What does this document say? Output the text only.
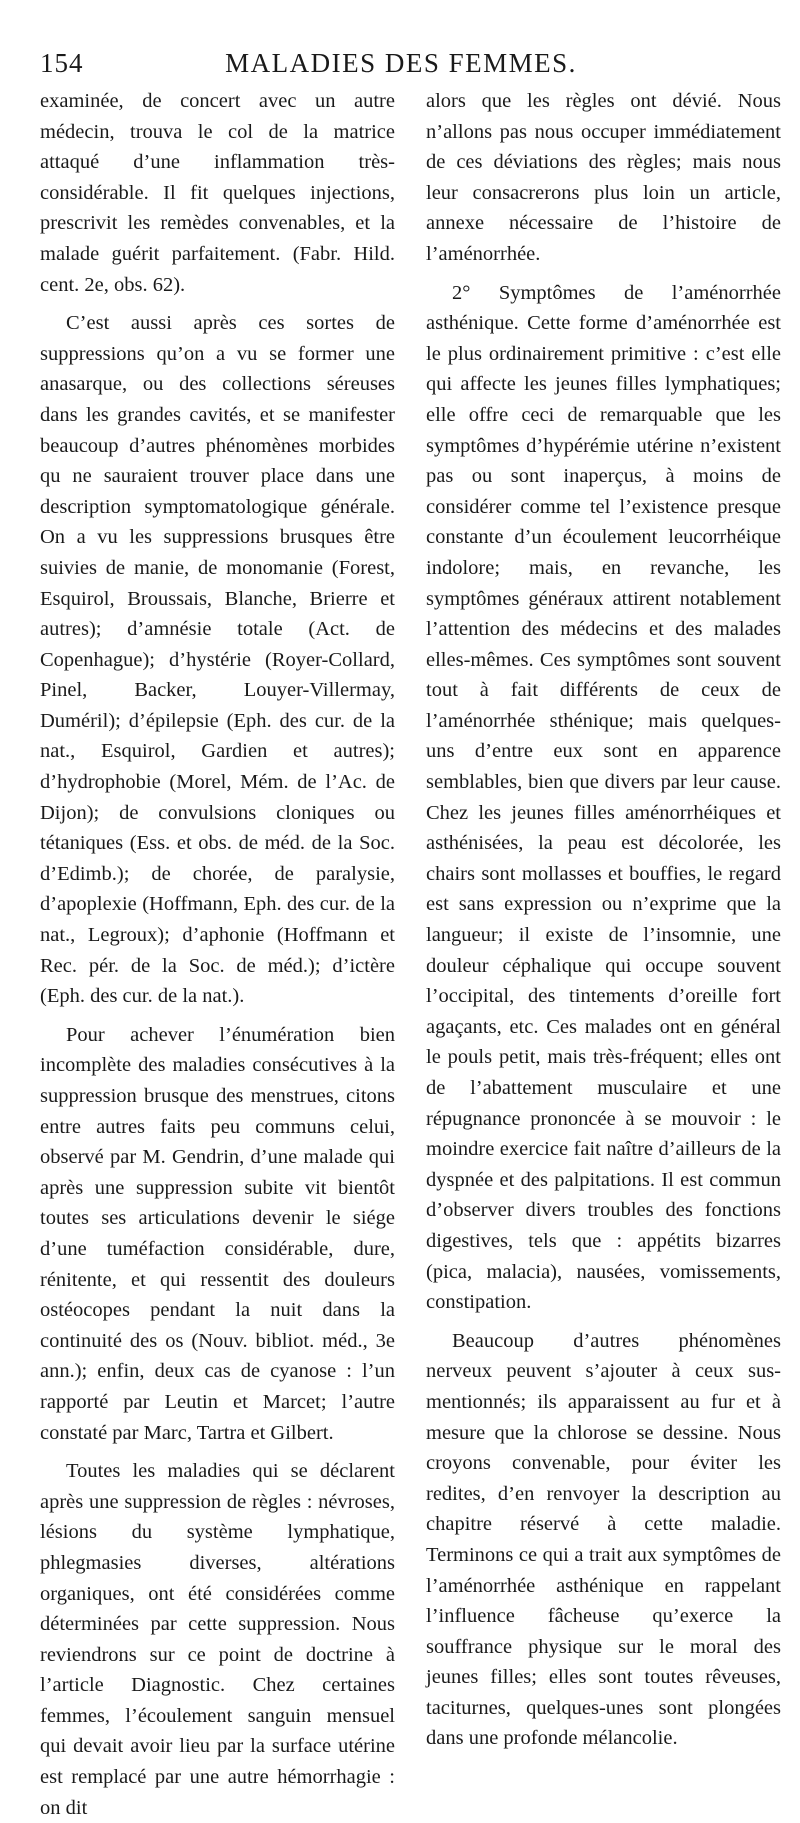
154	MALADIES DES FEMMES.

examinée, de concert avec un autre médecin, trouva le col de la matrice attaqué d’une inflammation très-considérable. Il fit quelques injections, prescrivit les remèdes convenables, et la malade guérit parfaitement. (Fabr. Hild. cent. 2e, obs. 62).

C’est aussi après ces sortes de suppressions qu’on a vu se former une anasarque, ou des collections séreuses dans les grandes cavités, et se manifester beaucoup d’autres phénomènes morbides qu ne sauraient trouver place dans une description symptomatologique générale. On a vu les suppressions brusques être suivies de manie, de monomanie (Forest, Esquirol, Broussais, Blanche, Brierre et autres); d’amnésie totale (Act. de Copenhague); d’hystérie (Royer-Collard, Pinel, Backer, Louyer-Villermay, Duméril); d’épilepsie (Eph. des cur. de la nat., Esquirol, Gardien et autres); d’hydrophobie (Morel, Mém. de l’Ac. de Dijon); de convulsions cloniques ou tétaniques (Ess. et obs. de méd. de la Soc. d’Edimb.); de chorée, de paralysie, d’apoplexie (Hoffmann, Eph. des cur. de la nat., Legroux); d’aphonie (Hoffmann et Rec. pér. de la Soc. de méd.); d’ictère (Eph. des cur. de la nat.).

Pour achever l’énumération bien incomplète des maladies consécutives à la suppression brusque des menstrues, citons entre autres faits peu communs celui, observé par M. Gendrin, d’une malade qui après une suppression subite vit bientôt toutes ses articulations devenir le siége d’une tuméfaction considérable, dure, rénitente, et qui ressentit des douleurs ostéocopes pendant la nuit dans la continuité des os (Nouv. bibliot. méd., 3e ann.); enfin, deux cas de cyanose : l’un rapporté par Leutin et Marcet; l’autre constaté par Marc, Tartra et Gilbert.

Toutes les maladies qui se déclarent après une suppression de règles : névroses, lésions du système lymphatique, phlegmasies diverses, altérations organiques, ont été considérées comme déterminées par cette suppression. Nous reviendrons sur ce point de doctrine à l’article Diagnostic. Chez certaines femmes, l’écoulement sanguin mensuel qui devait avoir lieu par la surface utérine est remplacé par une autre hémorrhagie : on dit

alors que les règles ont dévié. Nous n’allons pas nous occuper immédiatement de ces déviations des règles; mais nous leur consacrerons plus loin un article, annexe nécessaire de l’histoire de l’aménorrhée.

2° Symptômes de l’aménorrhée asthénique. Cette forme d’aménorrhée est le plus ordinairement primitive : c’est elle qui affecte les jeunes filles lymphatiques; elle offre ceci de remarquable que les symptômes d’hypérémie utérine n’existent pas ou sont inaperçus, à moins de considérer comme tel l’existence presque constante d’un écoulement leucorrhéique indolore; mais, en revanche, les symptômes généraux attirent notablement l’attention des médecins et des malades elles-mêmes. Ces symptômes sont souvent tout à fait différents de ceux de l’aménorrhée sthénique; mais quelques-uns d’entre eux sont en apparence semblables, bien que divers par leur cause. Chez les jeunes filles aménorrhéiques et asthénisées, la peau est décolorée, les chairs sont mollasses et bouffies, le regard est sans expression ou n’exprime que la langueur; il existe de l’insomnie, une douleur céphalique qui occupe souvent l’occipital, des tintements d’oreille fort agaçants, etc. Ces malades ont en général le pouls petit, mais très-fréquent; elles ont de l’abattement musculaire et une répugnance prononcée à se mouvoir : le moindre exercice fait naître d’ailleurs de la dyspnée et des palpitations. Il est commun d’observer divers troubles des fonctions digestives, tels que : appétits bizarres (pica, malacia), nausées, vomissements, constipation.

Beaucoup d’autres phénomènes nerveux peuvent s’ajouter à ceux sus-mentionnés; ils apparaissent au fur et à mesure que la chlorose se dessine. Nous croyons convenable, pour éviter les redites, d’en renvoyer la description au chapitre réservé à cette maladie. Terminons ce qui a trait aux symptômes de l’aménorrhée asthénique en rappelant l’influence fâcheuse qu’exerce la souffrance physique sur le moral des jeunes filles; elles sont toutes rêveuses, taciturnes, quelques-unes sont plongées dans une profonde mélancolie.
